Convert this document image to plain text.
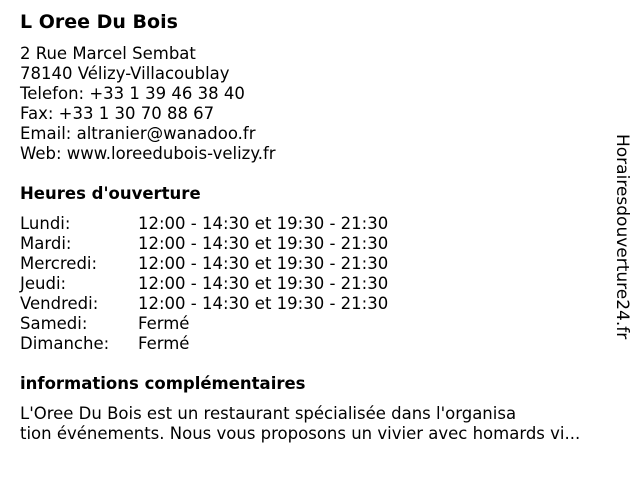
L Oree Du Bois
2 Rue Marcel Sembat
78140 Vélizy-Villacoublay
Telefon: +33 1 39 46 38 40
Fax: +33 1 30 70 88 67
Email: altranier@wanadoo.fr
Web: www.loreedubois-velizy.fr
Heures d'ouverture
Lundi:	12:00 - 14:30 et 19:30 - 21:30
Mardi:	12:00 - 14:30 et 19:30 - 21:30
Mercredi:	12:00 - 14:30 et 19:30 - 21:30
Jeudi:	12:00 - 14:30 et 19:30 - 21:30
Vendredi:	12:00 - 14:30 et 19:30 - 21:30
Samedi:	Fermé
Dimanche:	Fermé
informations complémentaires
L'Oree Du Bois est un restaurant spécialisée dans l'organisa
tion événements. Nous vous proposons un vivier avec homards vi...
Horairesdouverture24.fr
